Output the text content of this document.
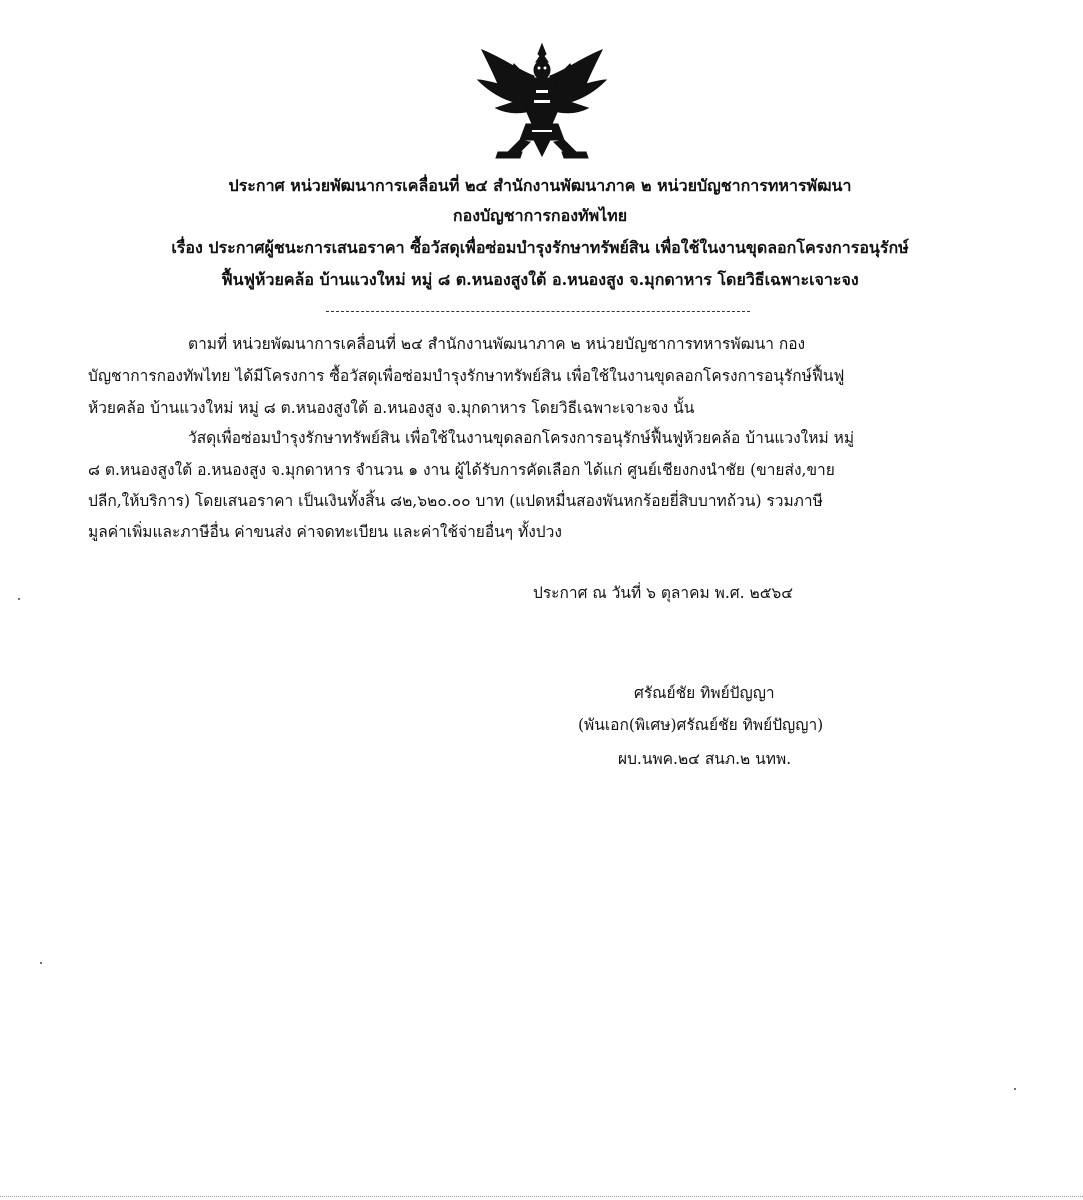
ประกาศ หน่วยพัฒนาการเคลื่อนที่ ๒๔ สำนักงานพัฒนาภาค ๒ หน่วยบัญชาการทหารพัฒนา
กองบัญชาการกองทัพไทย
เรื่อง ประกาศผู้ชนะการเสนอราคา ซื้อวัสดุเพื่อซ่อมบำรุงรักษาทรัพย์สิน เพื่อใช้ในงานขุดลอกโครงการอนุรักษ์
ฟื้นฟูห้วยคล้อ บ้านแวงใหม่ หมู่ ๘ ต.หนองสูงใต้ อ.หนองสูง จ.มุกดาหาร โดยวิธีเฉพาะเจาะจง
ตามที่ หน่วยพัฒนาการเคลื่อนที่ ๒๔ สำนักงานพัฒนาภาค ๒ หน่วยบัญชาการทหารพัฒนา กอง
บัญชาการกองทัพไทย ได้มีโครงการ ซื้อวัสดุเพื่อซ่อมบำรุงรักษาทรัพย์สิน เพื่อใช้ในงานขุดลอกโครงการอนุรักษ์ฟื้นฟู
ห้วยคล้อ บ้านแวงใหม่ หมู่ ๘ ต.หนองสูงใต้ อ.หนองสูง จ.มุกดาหาร โดยวิธีเฉพาะเจาะจง นั้น
วัสดุเพื่อซ่อมบำรุงรักษาทรัพย์สิน เพื่อใช้ในงานขุดลอกโครงการอนุรักษ์ฟื้นฟูห้วยคล้อ บ้านแวงใหม่ หมู่
๘ ต.หนองสูงใต้ อ.หนองสูง จ.มุกดาหาร จำนวน ๑ งาน ผู้ได้รับการคัดเลือก ได้แก่ ศูนย์เชียงกงนำชัย (ขายส่ง,ขาย
ปลีก,ให้บริการ) โดยเสนอราคา เป็นเงินทั้งสิ้น ๘๒,๖๒๐.๐๐ บาท (แปดหมื่นสองพันหกร้อยยี่สิบบาทถ้วน) รวมภาษี
มูลค่าเพิ่มและภาษีอื่น ค่าขนส่ง ค่าจดทะเบียน และค่าใช้จ่ายอื่นๆ ทั้งปวง
ประกาศ ณ วันที่ ๖ ตุลาคม พ.ศ. ๒๕๖๔
ศรัณย์ชัย ทิพย์ปัญญา
(พันเอก(พิเศษ)ศรัณย์ชัย ทิพย์ปัญญา)
ผบ.นพค.๒๔ สนภ.๒ นทพ.
